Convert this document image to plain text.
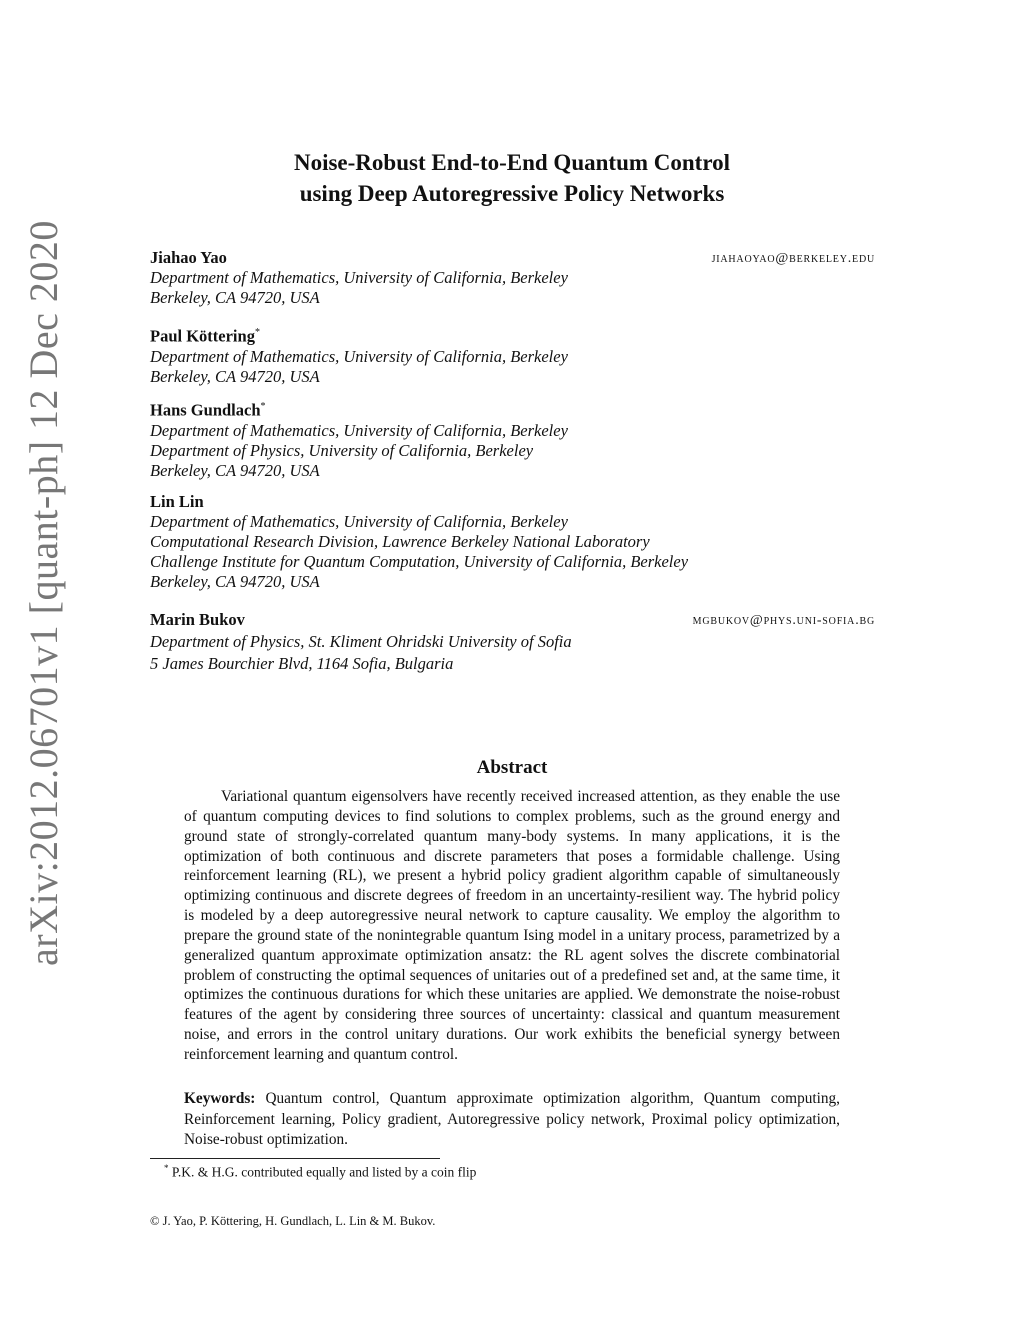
arXiv:2012.06701v1 [quant-ph] 12 Dec 2020
Noise-Robust End-to-End Quantum Control
using Deep Autoregressive Policy Networks
Jiahao Yao	jiahaoyao@berkeley.edu
Department of Mathematics, University of California, Berkeley
Berkeley, CA 94720, USA
Paul Köttering*
Department of Mathematics, University of California, Berkeley
Berkeley, CA 94720, USA
Hans Gundlach*
Department of Mathematics, University of California, Berkeley
Department of Physics, University of California, Berkeley
Berkeley, CA 94720, USA
Lin Lin
Department of Mathematics, University of California, Berkeley
Computational Research Division, Lawrence Berkeley National Laboratory
Challenge Institute for Quantum Computation, University of California, Berkeley
Berkeley, CA 94720, USA
Marin Bukov	mgbukov@phys.uni-sofia.bg
Department of Physics, St. Kliment Ohridski University of Sofia
5 James Bourchier Blvd, 1164 Sofia, Bulgaria
Abstract

Variational quantum eigensolvers have recently received increased attention, as they enable the use of quantum computing devices to find solutions to complex problems, such as the ground energy and ground state of strongly-correlated quantum many-body systems. In many applications, it is the optimization of both continuous and discrete parameters that poses a formidable challenge. Using reinforcement learning (RL), we present a hybrid policy gradient algorithm capable of simultaneously optimizing continuous and discrete degrees of freedom in an uncertainty-resilient way. The hybrid policy is modeled by a deep autoregressive neural network to capture causality. We employ the algorithm to prepare the ground state of the nonintegrable quantum Ising model in a unitary process, parametrized by a generalized quantum approximate optimization ansatz: the RL agent solves the discrete combinatorial problem of constructing the optimal sequences of unitaries out of a predefined set and, at the same time, it optimizes the continuous durations for which these unitaries are applied. We demonstrate the noise-robust features of the agent by considering three sources of uncertainty: classical and quantum measurement noise, and errors in the control unitary durations. Our work exhibits the beneficial synergy between reinforcement learning and quantum control.

Keywords: Quantum control, Quantum approximate optimization algorithm, Quantum computing, Reinforcement learning, Policy gradient, Autoregressive policy network, Proximal policy optimization, Noise-robust optimization.

* P.K. & H.G. contributed equally and listed by a coin flip
© J. Yao, P. Köttering, H. Gundlach, L. Lin & M. Bukov.
